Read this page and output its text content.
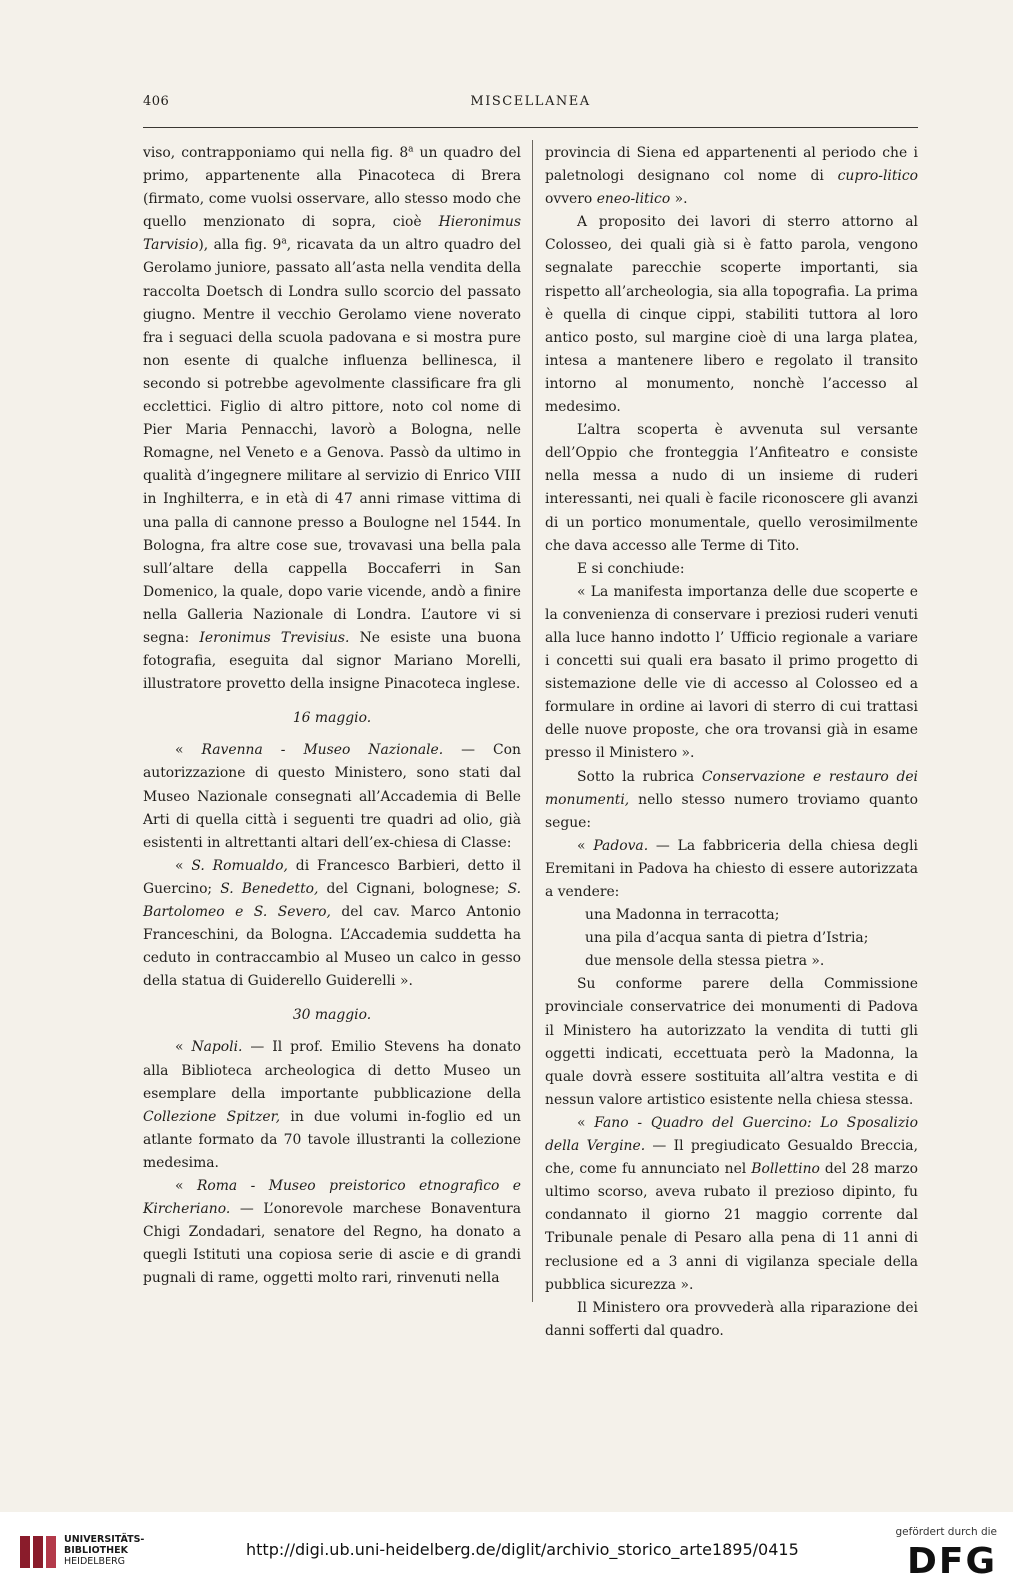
406	MISCELLANEA

viso, contrapponiamo qui nella fig. 8$^a$ un quadro del primo, appartenente alla Pinacoteca di Brera (firmato, come vuolsi osservare, allo stesso modo che quello menzionato di sopra, cioè Hieronimus Tarvisio), alla fig. 9$^a$, ricavata da un altro quadro del Gerolamo juniore, passato all’asta nella vendita della raccolta Doetsch di Londra sullo scorcio del passato giugno. Mentre il vecchio Gerolamo viene noverato fra i seguaci della scuola padovana e si mostra pure non esente di qualche influenza bellinesca, il secondo si potrebbe agevolmente classificare fra gli ecclettici. Figlio di altro pittore, noto col nome di Pier Maria Pennacchi, lavorò a Bologna, nelle Romagne, nel Veneto e a Genova. Passò da ultimo in qualità d’ingegnere militare al servizio di Enrico VIII in Inghilterra, e in età di 47 anni rimase vittima di una palla di cannone presso a Boulogne nel 1544. In Bologna, fra altre cose sue, trovavasi una bella pala sull’altare della cappella Boccaferri in San Domenico, la quale, dopo varie vicende, andò a finire nella Galleria Nazionale di Londra. L’autore vi si segna: Ieronimus Trevisius. Ne esiste una buona fotografia, eseguita dal signor Mariano Morelli, illustratore provetto della insigne Pinacoteca inglese.

16 maggio.

« Ravenna - Museo Nazionale. — Con autorizzazione di questo Ministero, sono stati dal Museo Nazionale consegnati all’Accademia di Belle Arti di quella città i seguenti tre quadri ad olio, già esistenti in altrettanti altari dell’ex-chiesa di Classe:

« S. Romualdo, di Francesco Barbieri, detto il Guercino; S. Benedetto, del Cignani, bolognese; S. Bartolomeo e S. Severo, del cav. Marco Antonio Franceschini, da Bologna. L’Accademia suddetta ha ceduto in contraccambio al Museo un calco in gesso della statua di Guiderello Guiderelli ».

30 maggio.

« Napoli. — Il prof. Emilio Stevens ha donato alla Biblioteca archeologica di detto Museo un esemplare della importante pubblicazione della Collezione Spitzer, in due volumi in-foglio ed un atlante formato da 70 tavole illustranti la collezione medesima.

« Roma - Museo preistorico etnografico e Kircheriano. — L’onorevole marchese Bonaventura Chigi Zondadari, senatore del Regno, ha donato a quegli Istituti una copiosa serie di ascie e di grandi pugnali di rame, oggetti molto rari, rinvenuti nella

provincia di Siena ed appartenenti al periodo che i paletnologi designano col nome di cupro-litico ovvero eneo-litico ».

A proposito dei lavori di sterro attorno al Colosseo, dei quali già si è fatto parola, vengono segnalate parecchie scoperte importanti, sia rispetto all’archeologia, sia alla topografia. La prima è quella di cinque cippi, stabiliti tuttora al loro antico posto, sul margine cioè di una larga platea, intesa a mantenere libero e regolato il transito intorno al monumento, nonchè l’accesso al medesimo.

L’altra scoperta è avvenuta sul versante dell’Oppio che fronteggia l’Anfiteatro e consiste nella messa a nudo di un insieme di ruderi interessanti, nei quali è facile riconoscere gli avanzi di un portico monumentale, quello verosimilmente che dava accesso alle Terme di Tito.

E si conchiude:

« La manifesta importanza delle due scoperte e la convenienza di conservare i preziosi ruderi venuti alla luce hanno indotto l’ Ufficio regionale a variare i concetti sui quali era basato il primo progetto di sistemazione delle vie di accesso al Colosseo ed a formulare in ordine ai lavori di sterro di cui trattasi delle nuove proposte, che ora trovansi già in esame presso il Ministero ».

Sotto la rubrica Conservazione e restauro dei monumenti, nello stesso numero troviamo quanto segue:

« Padova. — La fabbriceria della chiesa degli Eremitani in Padova ha chiesto di essere autorizzata a vendere:

una Madonna in terracotta;

una pila d’acqua santa di pietra d’Istria;

due mensole della stessa pietra ».

Su conforme parere della Commissione provinciale conservatrice dei monumenti di Padova il Ministero ha autorizzato la vendita di tutti gli oggetti indicati, eccettuata però la Madonna, la quale dovrà essere sostituita all’altra vestita e di nessun valore artistico esistente nella chiesa stessa.

« Fano - Quadro del Guercino: Lo Sposalizio della Vergine. — Il pregiudicato Gesualdo Breccia, che, come fu annunciato nel Bollettino del 28 marzo ultimo scorso, aveva rubato il prezioso dipinto, fu condannato il giorno 21 maggio corrente dal Tribunale penale di Pesaro alla pena di 11 anni di reclusione ed a 3 anni di vigilanza speciale della pubblica sicurezza ».

Il Ministero ora provvederà alla riparazione dei danni sofferti dal quadro.

UNIVERSITÄTS-
BIBLIOTHEK
HEIDELBERG
http://digi.ub.uni-heidelberg.de/diglit/archivio_storico_arte1895/0415
gefördert durch die
DFG
